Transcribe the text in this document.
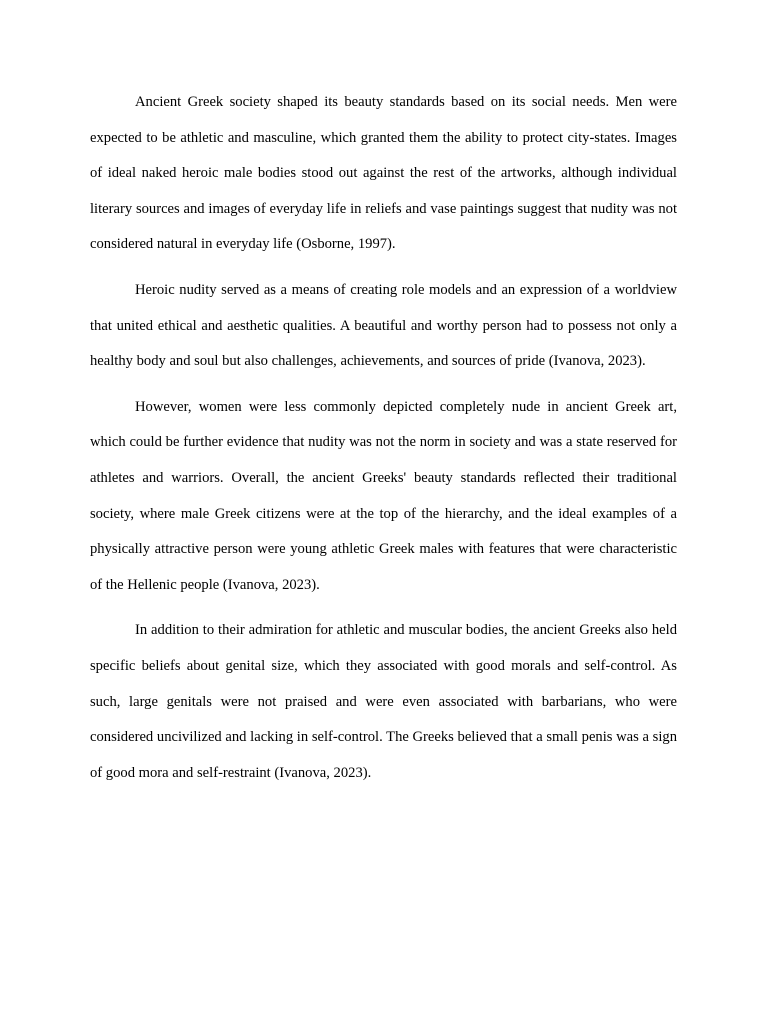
Ancient Greek society shaped its beauty standards based on its social needs. Men were expected to be athletic and masculine, which granted them the ability to protect city-states. Images of ideal naked heroic male bodies stood out against the rest of the artworks, although individual literary sources and images of everyday life in reliefs and vase paintings suggest that nudity was not considered natural in everyday life (Osborne, 1997).

Heroic nudity served as a means of creating role models and an expression of a worldview that united ethical and aesthetic qualities. A beautiful and worthy person had to possess not only a healthy body and soul but also challenges, achievements, and sources of pride (Ivanova, 2023).

However, women were less commonly depicted completely nude in ancient Greek art, which could be further evidence that nudity was not the norm in society and was a state reserved for athletes and warriors. Overall, the ancient Greeks' beauty standards reflected their traditional society, where male Greek citizens were at the top of the hierarchy, and the ideal examples of a physically attractive person were young athletic Greek males with features that were characteristic of the Hellenic people (Ivanova, 2023).

In addition to their admiration for athletic and muscular bodies, the ancient Greeks also held specific beliefs about genital size, which they associated with good morals and self-control. As such, large genitals were not praised and were even associated with barbarians, who were considered uncivilized and lacking in self-control. The Greeks believed that a small penis was a sign of good mora and self-restraint (Ivanova, 2023).
